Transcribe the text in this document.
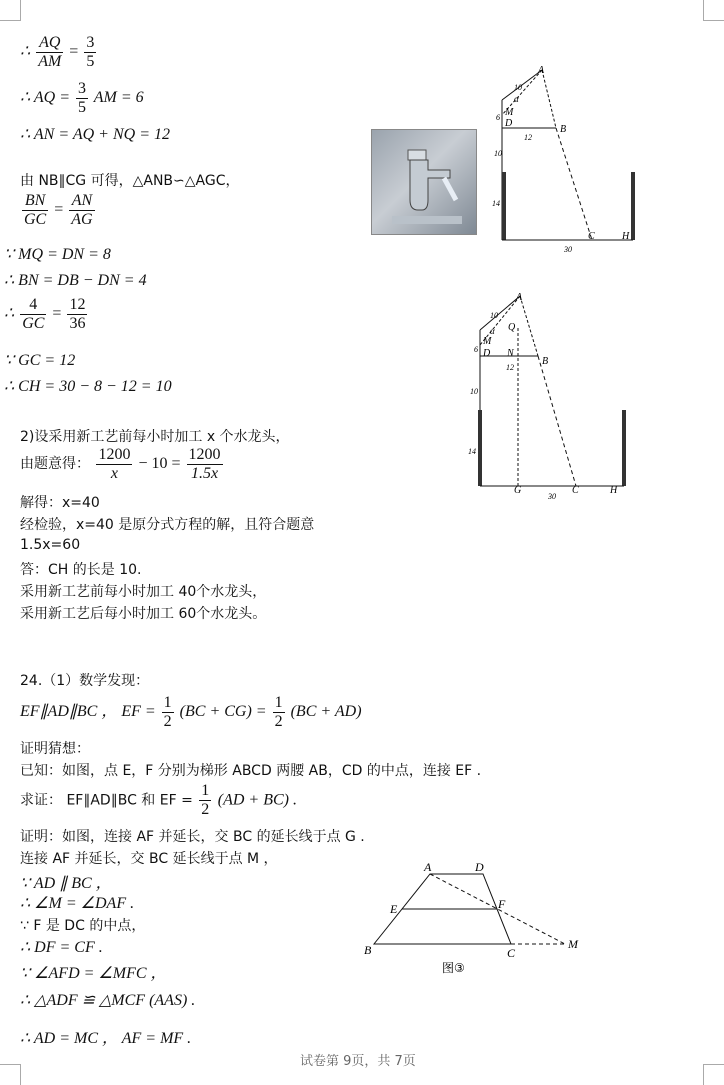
∴ $\frac{AQ}{AM} = \frac{3}{5}$
∴ AQ = $\frac{3}{5}$ AM = 6
∴ AN = AQ + NQ = 12
由 NB∥CG 可得，△ANB∽△AGC，
$\frac{BN}{GC} = \frac{AN}{AG}$
∵ MQ = DN = 8
∴ BN = DB − DN = 4
∴ $\frac{4}{GC} = \frac{12}{36}$
∵ GC = 12
∴ CH = 30 − 8 − 12 = 10
A
M
D
B
C	H
α
10
6
12
10
14
30
A
M
D N
B
Q
G	C	H
α
10
6
12
10
14
30
2)设采用新工艺前每小时加工 x 个水龙头，
由题意得： $\frac{1200}{x} - 10 = \frac{1200}{1.5x}$
解得：x=40
经检验，x=40 是原分式方程的解，且符合题意
1.5x=60
答：CH 的长是 10.
采用新工艺前每小时加工 40个水龙头，
采用新工艺后每小时加工 60个水龙头。
24.（1）数学发现：
EF∥AD∥BC ， EF = $\frac{1}{2} (BC + CG) = \frac{1}{2} (BC + AD)$
证明猜想：
已知：如图，点 E，F 分别为梯形 ABCD 两腰 AB，CD 的中点，连接 EF .
求证： EF∥AD∥BC 和 EF = $\frac{1}{2} (AD + BC)$ .
证明：如图，连接 AF 并延长，交 BC 的延长线于点 G .
连接 AF 并延长，交 BC 延长线于点 M ，
∵ AD ∥ BC ，
∴ ∠M = ∠DAF .
∵ F 是 DC 的中点，
∴ DF = CF .
∵ ∠AFD = ∠MFC ，
∴ △ADF ≌ △MCF (AAS) .
∴ AD = MC ， AF = MF .
A	D
E	F
B	C
M
图③
试卷第 9页，共 7页
